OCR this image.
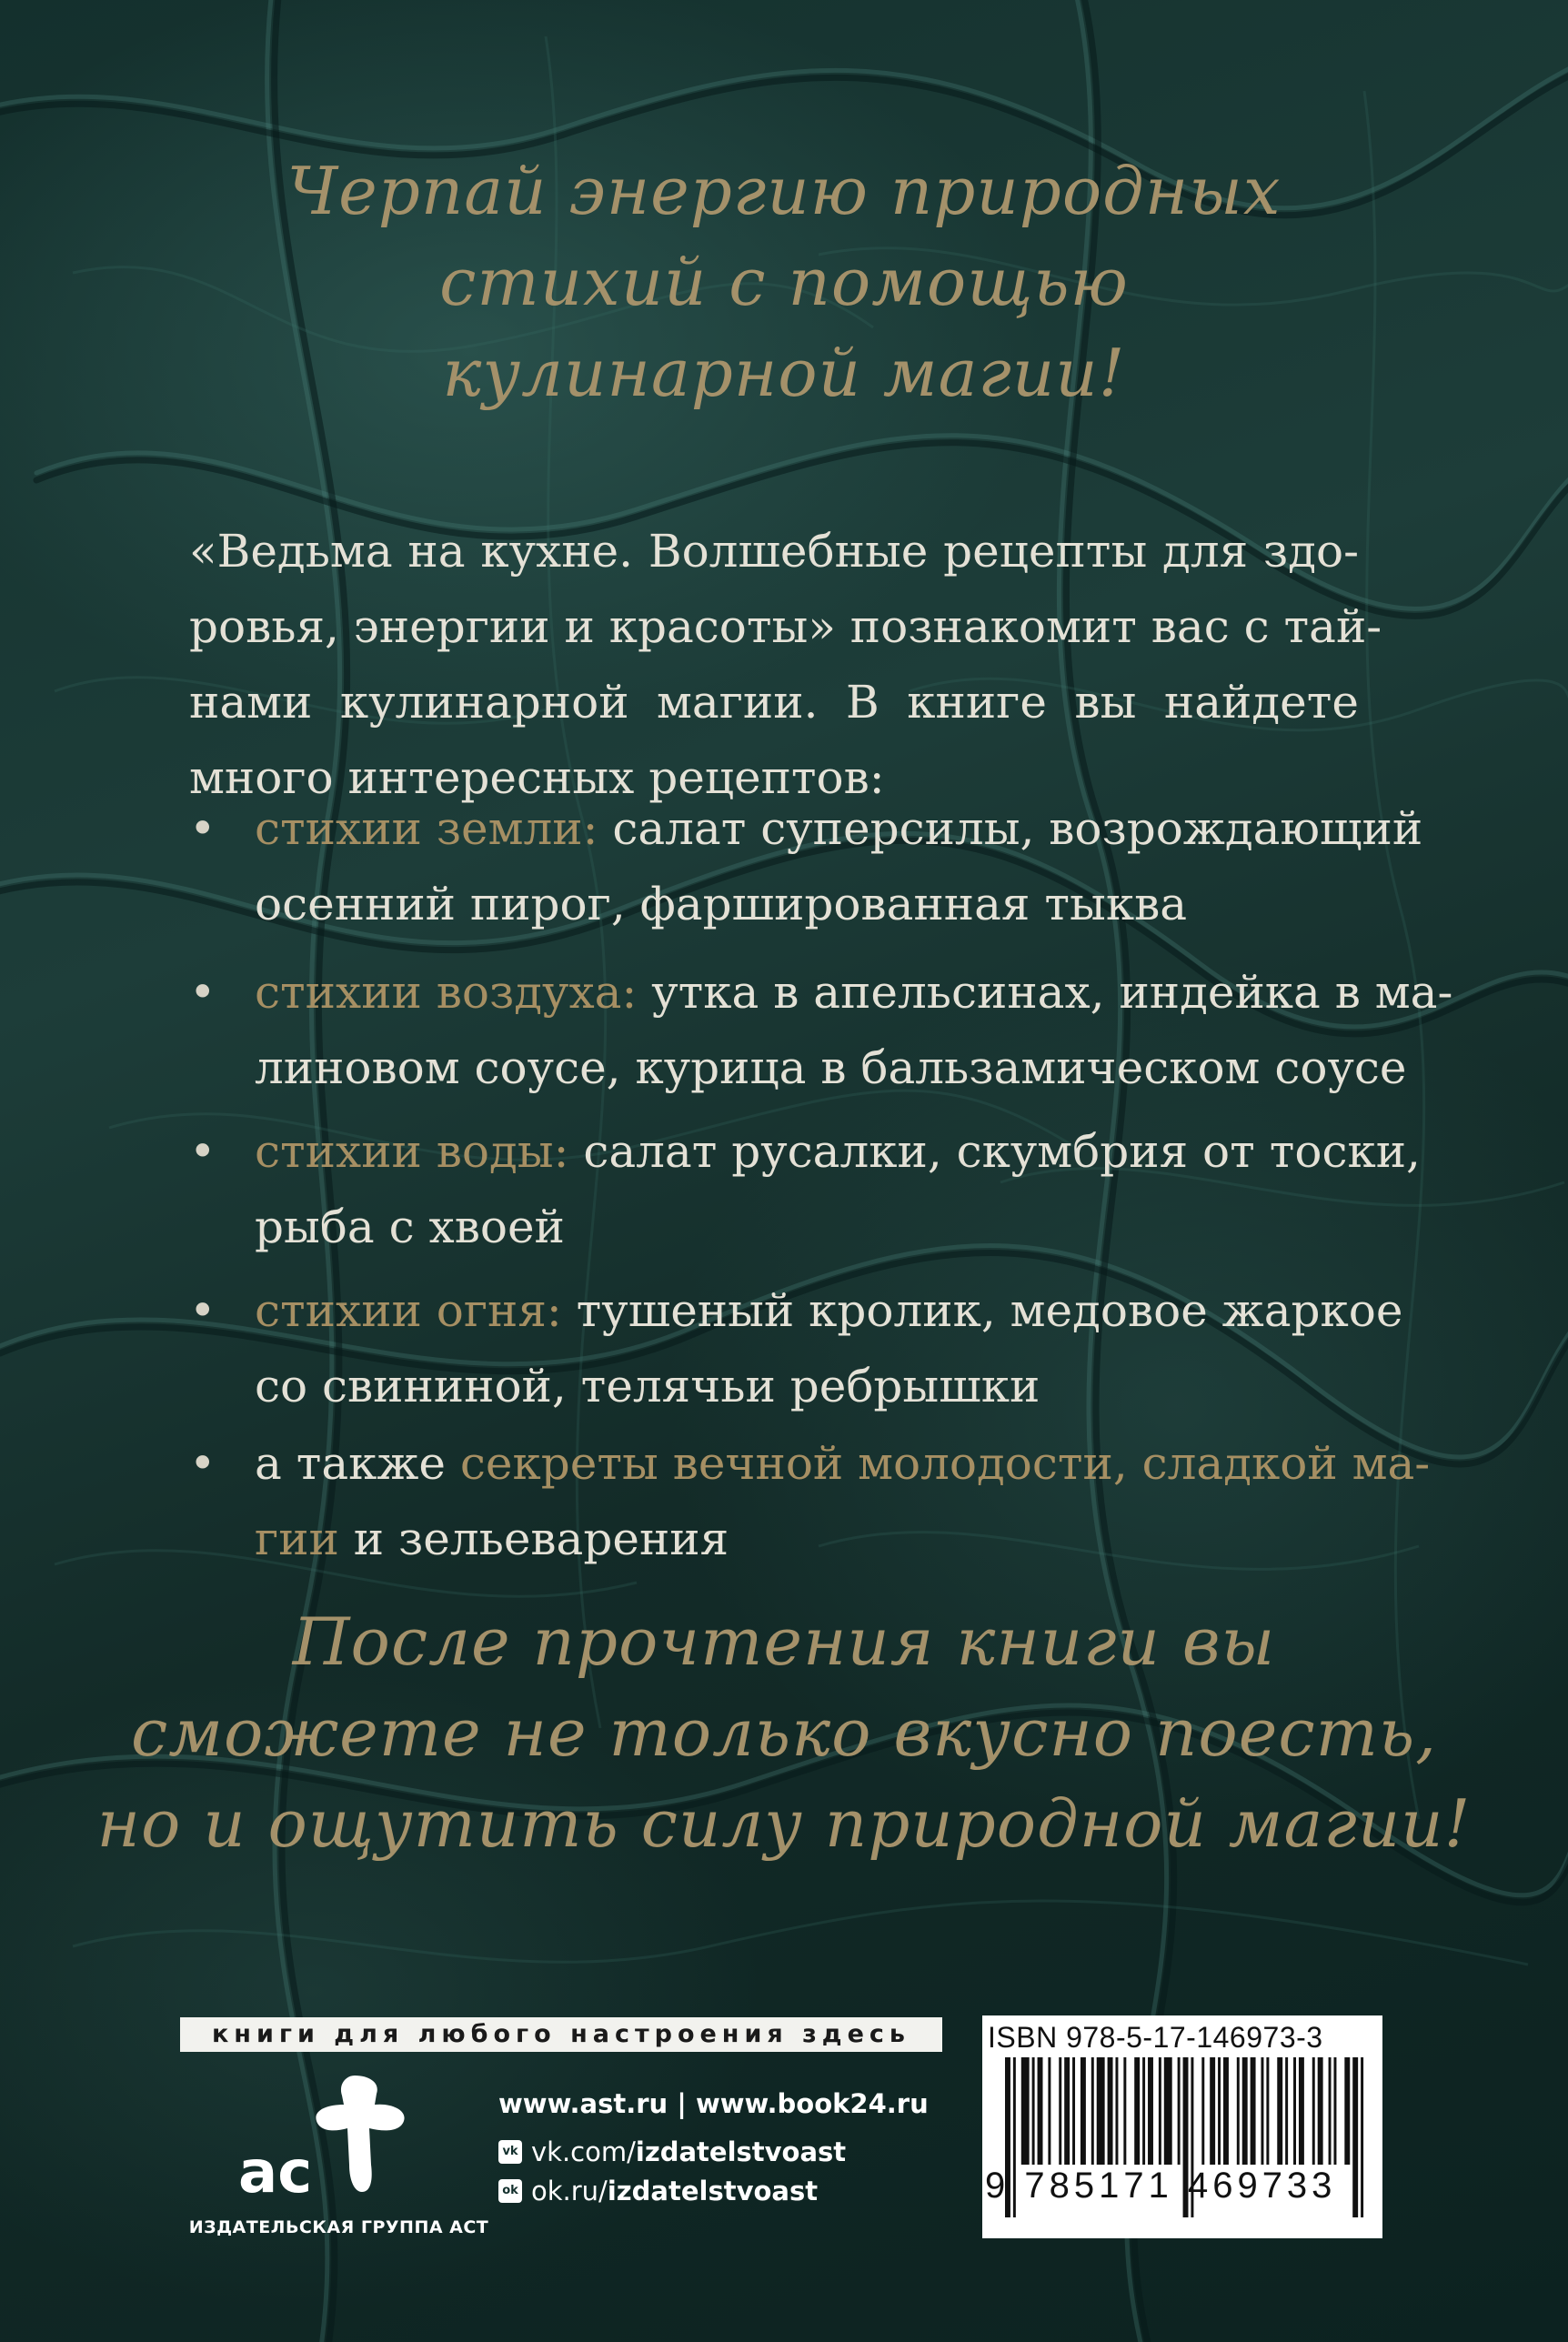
Черпай энергию природных
стихий с помощью
кулинарной магии!

«Ведьма на кухне. Волшебные рецепты для здо-
ровья, энергии и красоты» познакомит вас с тай-
нами кулинарной магии. В книге вы найдете
много интересных рецептов:

• стихии земли: салат суперсилы, возрождающий
осенний пирог, фаршированная тыква
• стихии воздуха: утка в апельсинах, индейка в ма-
линовом соусе, курица в бальзамическом соусе
• стихии воды: салат русалки, скумбрия от тоски,
рыба с хвоей
• стихии огня: тушеный кролик, медовое жаркое
со свининой, телячьи ребрышки
• а также секреты вечной молодости, сладкой ма-
гии и зельеварения
После прочтения книги вы
сможете не только вкусно поесть,
но и ощутить силу природной магии!
книги для любого настроения здесь
ac
ИЗДАТЕЛЬСКАЯ ГРУППА АСТ
www.ast.ru | www.book24.ru
vk vk.com/ izdatelstvoast
ok ok.ru/ izdatelstvoast
ISBN 978-5-17-146973-3
9 785171 469733
